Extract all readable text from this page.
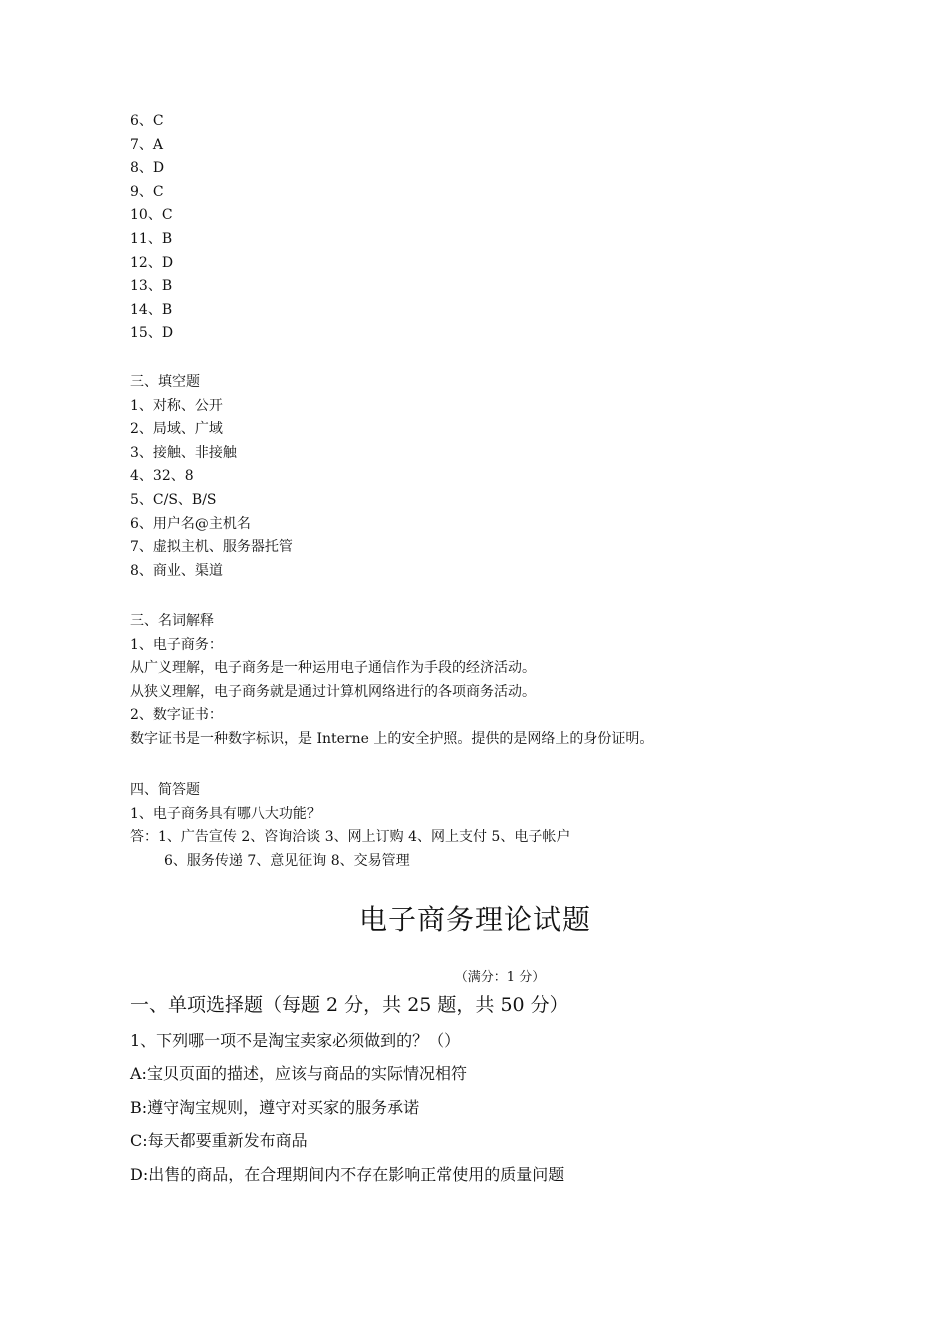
6、C
7、A
8、D
9、C
10、C
11、B
12、D
13、B
14、B
15、D
三、填空题
1、对称、公开
2、局域、广域
3、接触、非接触
4、32、8
5、C/S、B/S
6、用户名@主机名
7、虚拟主机、服务器托管
8、商业、渠道
三、名词解释
1、电子商务：
从广义理解，电子商务是一种运用电子通信作为手段的经济活动。
从狭义理解，电子商务就是通过计算机网络进行的各项商务活动。
2、数字证书：
数字证书是一种数字标识，是 Interne 上的安全护照。提供的是网络上的身份证明。
四、简答题
1、电子商务具有哪八大功能？
答：1、广告宣传 2、咨询洽谈 3、网上订购 4、网上支付 5、电子帐户
6、服务传递 7、意见征询 8、交易管理
电子商务理论试题
（满分：1 分）
一、单项选择题（每题 2 分，共 25 题，共 50 分）
1、下列哪一项不是淘宝卖家必须做到的？（）
A:宝贝页面的描述，应该与商品的实际情况相符
B:遵守淘宝规则，遵守对买家的服务承诺
C:每天都要重新发布商品
D:出售的商品，在合理期间内不存在影响正常使用的质量问题
